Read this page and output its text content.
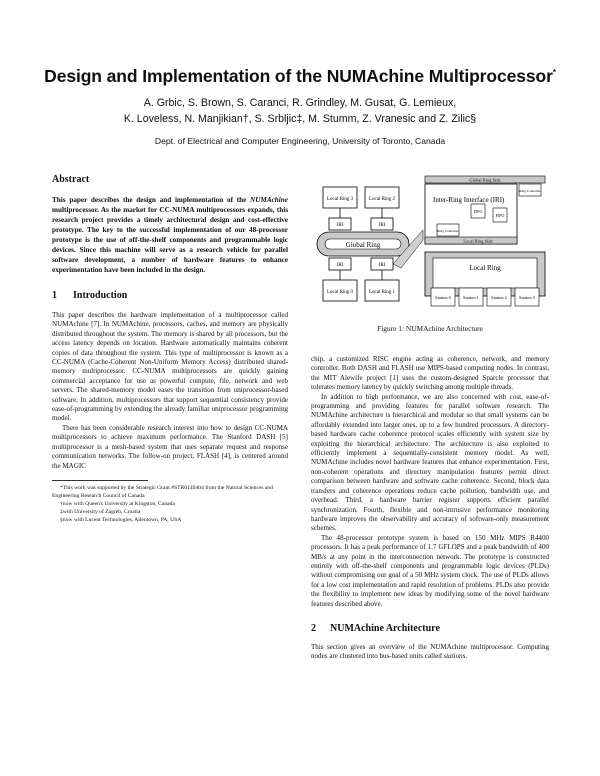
Design and Implementation of the NUMAchine Multiprocessor*
A. Grbic, S. Brown, S. Caranci, R. Grindley, M. Gusat, G. Lemieux,
K. Loveless, N. Manjikian†, S. Srbljic‡, M. Stumm, Z. Vranesic and Z. Zilic§
Dept. of Electrical and Computer Engineering, University of Toronto, Canada
Abstract

This paper describes the design and implementation of the NUMAchine multiprocessor. As the market for CC-NUMA multiprocessors expands, this research project provides a timely architectural design and cost-effective prototype. The key to the successful implementation of our 48-processor prototype is the use of off-the-shelf components and programmable logic devices. Since this machine will serve as a research vehicle for parallel software development, a number of hardware features to enhance experimentation have been included in the design.

1 Introduction

This paper describes the hardware implementation of a multiprocessor called NUMAchine [7]. In NUMAchine, processors, caches, and memory are physically distributed throughout the system. The memory is shared by all processors, but the access latency depends on location. Hardware automatically maintains coherent copies of data throughout the system. This type of multiprocessor is known as a CC-NUMA (Cache-Coherent Non-Uniform Memory Access) distributed shared-memory multiprocessor. CC-NUMA multiprocessors are quickly gaining commercial acceptance for use as powerful compute, file, network and web servers. The shared-memory model eases the transition from uniprocessor-based software. In addition, multiprocessors that support sequential consistency provide ease-of-programming by extending the already familiar uniprocessor programming model.

There has been considerable research interest into how to design CC-NUMA multiprocessors to achieve maximum performance. The Stanford DASH [5] multiprocessor is a mesh-based system that uses separate request and response communication networks. The follow-on project, FLASH [4], is centered around the MAGIC

*This work was supported by the Strategic Grant #STR0149404 from the Natural Sciences and Engineering Research Council of Canada

†now with Queen's University at Kingston, Canada

‡with University of Zagreb, Croatia

§now with Lucent Technologies, Allentown, PA, USA

Local Ring 3	Local Ring 2
IRI	IRI
Global Ring
IRI	IRI
Local Ring 0	Local Ring 1
Global Ring Side
Ring Controller
Inter-Ring Interface (IRI)
FIFO
FIFO
Ring Controller
Local Ring Side
Local Ring
Station 0	Station 1	Station 2	Station 3
Figure 1: NUMAchine Architecture

chip, a customized RISC engine acting as coherence, network, and memory controller. Both DASH and FLASH use MIPS-based computing nodes. In contrast, the MIT Alewife project [1] uses the custom-designed Sparcle processor that tolerates memory latency by quickly switching among multiple threads.

In addition to high performance, we are also concerned with cost, ease-of-programming and providing features for parallel software research. The NUMAchine architecture is hierarchical and modular so that small systems can be affordably extended into larger ones, up to a few hundred processors. A directory-based hardware cache coherence protocol scales efficiently with system size by exploiting the hierarchical architecture. The architecture is also exploited to efficiently implement a sequentially-consistent memory model. As well, NUMAchine includes novel hardware features that enhance experimentation. First, non-coherent operations and directory manipulation features permit direct comparison between hardware and software cache coherence. Second, block data transfers and coherence operations reduce cache pollution, bandwidth use, and overhead. Third, a hardware barrier register supports efficient parallel synchronization. Fourth, flexible and non-intrusive performance monitoring hardware improves the observability and accuracy of software-only measurement schemes.

The 48-processor prototype system is based on 150 MHz MIPS R4400 processors. It has a peak performance of 1.7 GFLOPS and a peak bandwidth of 400 MB/s at any point in the interconnection network. The prototype is constructed entirely with off-the-shelf components and programmable logic devices (PLDs) without compromising our goal of a 50 MHz system clock. The use of PLDs allows for a low cost implementation and rapid resolution of problems. PLDs also provide the flexibility to implement new ideas by modifying some of the novel hardware features described above.

2 NUMAchine Architecture

This section gives an overview of the NUMAchine multiprocessor. Computing nodes are clustered into bus-based units called stations.
